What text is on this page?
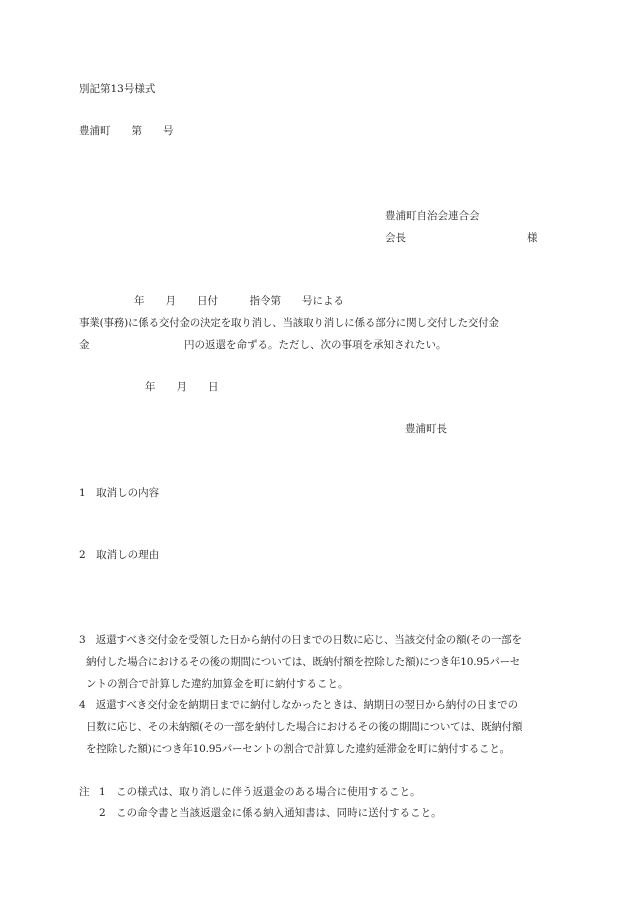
別記第13号様式
豊浦町　　第　　号
豊浦町自治会連合会
会長	様
年　　月　　日付　　　指令第　　号による
事業(事務)に係る交付金の決定を取り消し、当該取り消しに係る部分に関し交付した交付金
金　　　　　　　　　円の返還を命ずる。ただし、次の事項を承知されたい。
年　　月　　日
豊浦町長
1　取消しの内容
2　取消しの理由
3　返還すべき交付金を受領した日から納付の日までの日数に応じ、当該交付金の額(その一部を
納付した場合におけるその後の期間については、既納付額を控除した額)につき年10.95パーセ
ントの割合で計算した違約加算金を町に納付すること。
4　返還すべき交付金を納期日までに納付しなかったときは、納期日の翌日から納付の日までの
日数に応じ、その未納額(その一部を納付した場合におけるその後の期間については、既納付額
を控除した額)につき年10.95パーセントの割合で計算した違約延滞金を町に納付すること。
注 1　この様式は、取り消しに伴う返還金のある場合に使用すること。
2　この命令書と当該返還金に係る納入通知書は、同時に送付すること。
